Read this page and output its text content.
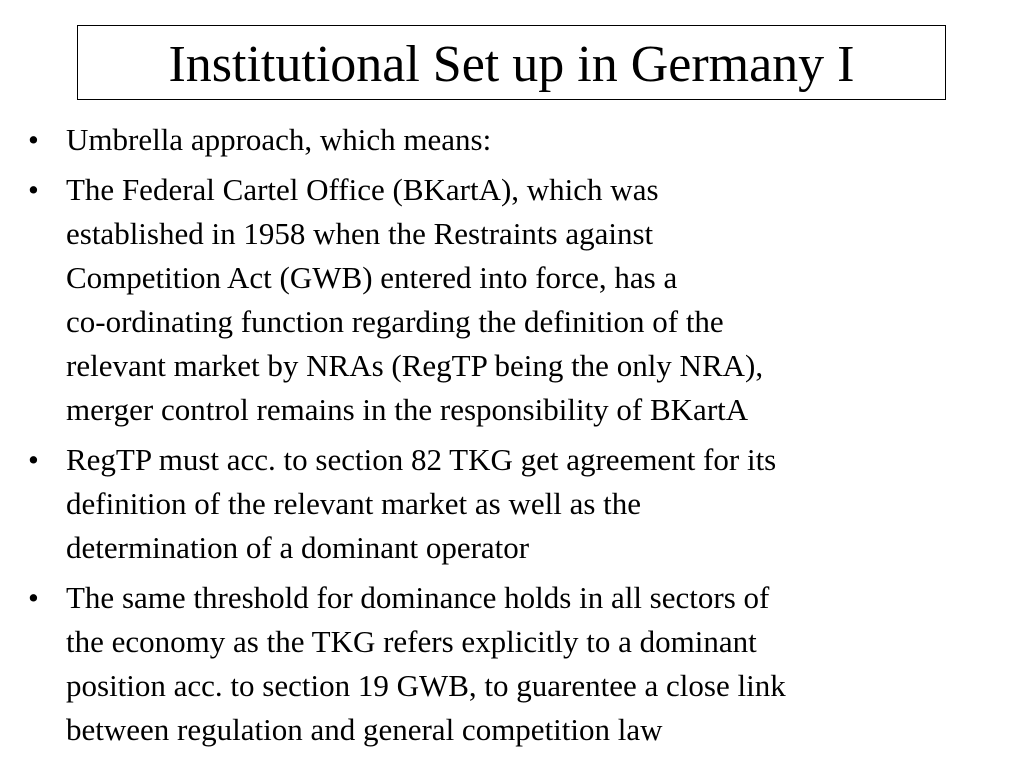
Institutional Set up in Germany I
• Umbrella approach, which means:
• The Federal Cartel Office (BKartA), which was
established in 1958 when the Restraints against
Competition Act (GWB) entered into force, has a
co-ordinating function regarding the definition of the
relevant market by NRAs (RegTP being the only NRA),
merger control remains in the responsibility of BKartA
• RegTP must acc. to section 82 TKG get agreement for its
definition of the relevant market as well as the
determination of a dominant operator
• The same threshold for dominance holds in all sectors of
the economy as the TKG refers explicitly to a dominant
position acc. to section 19 GWB, to guarentee a close link
between regulation and general competition law
